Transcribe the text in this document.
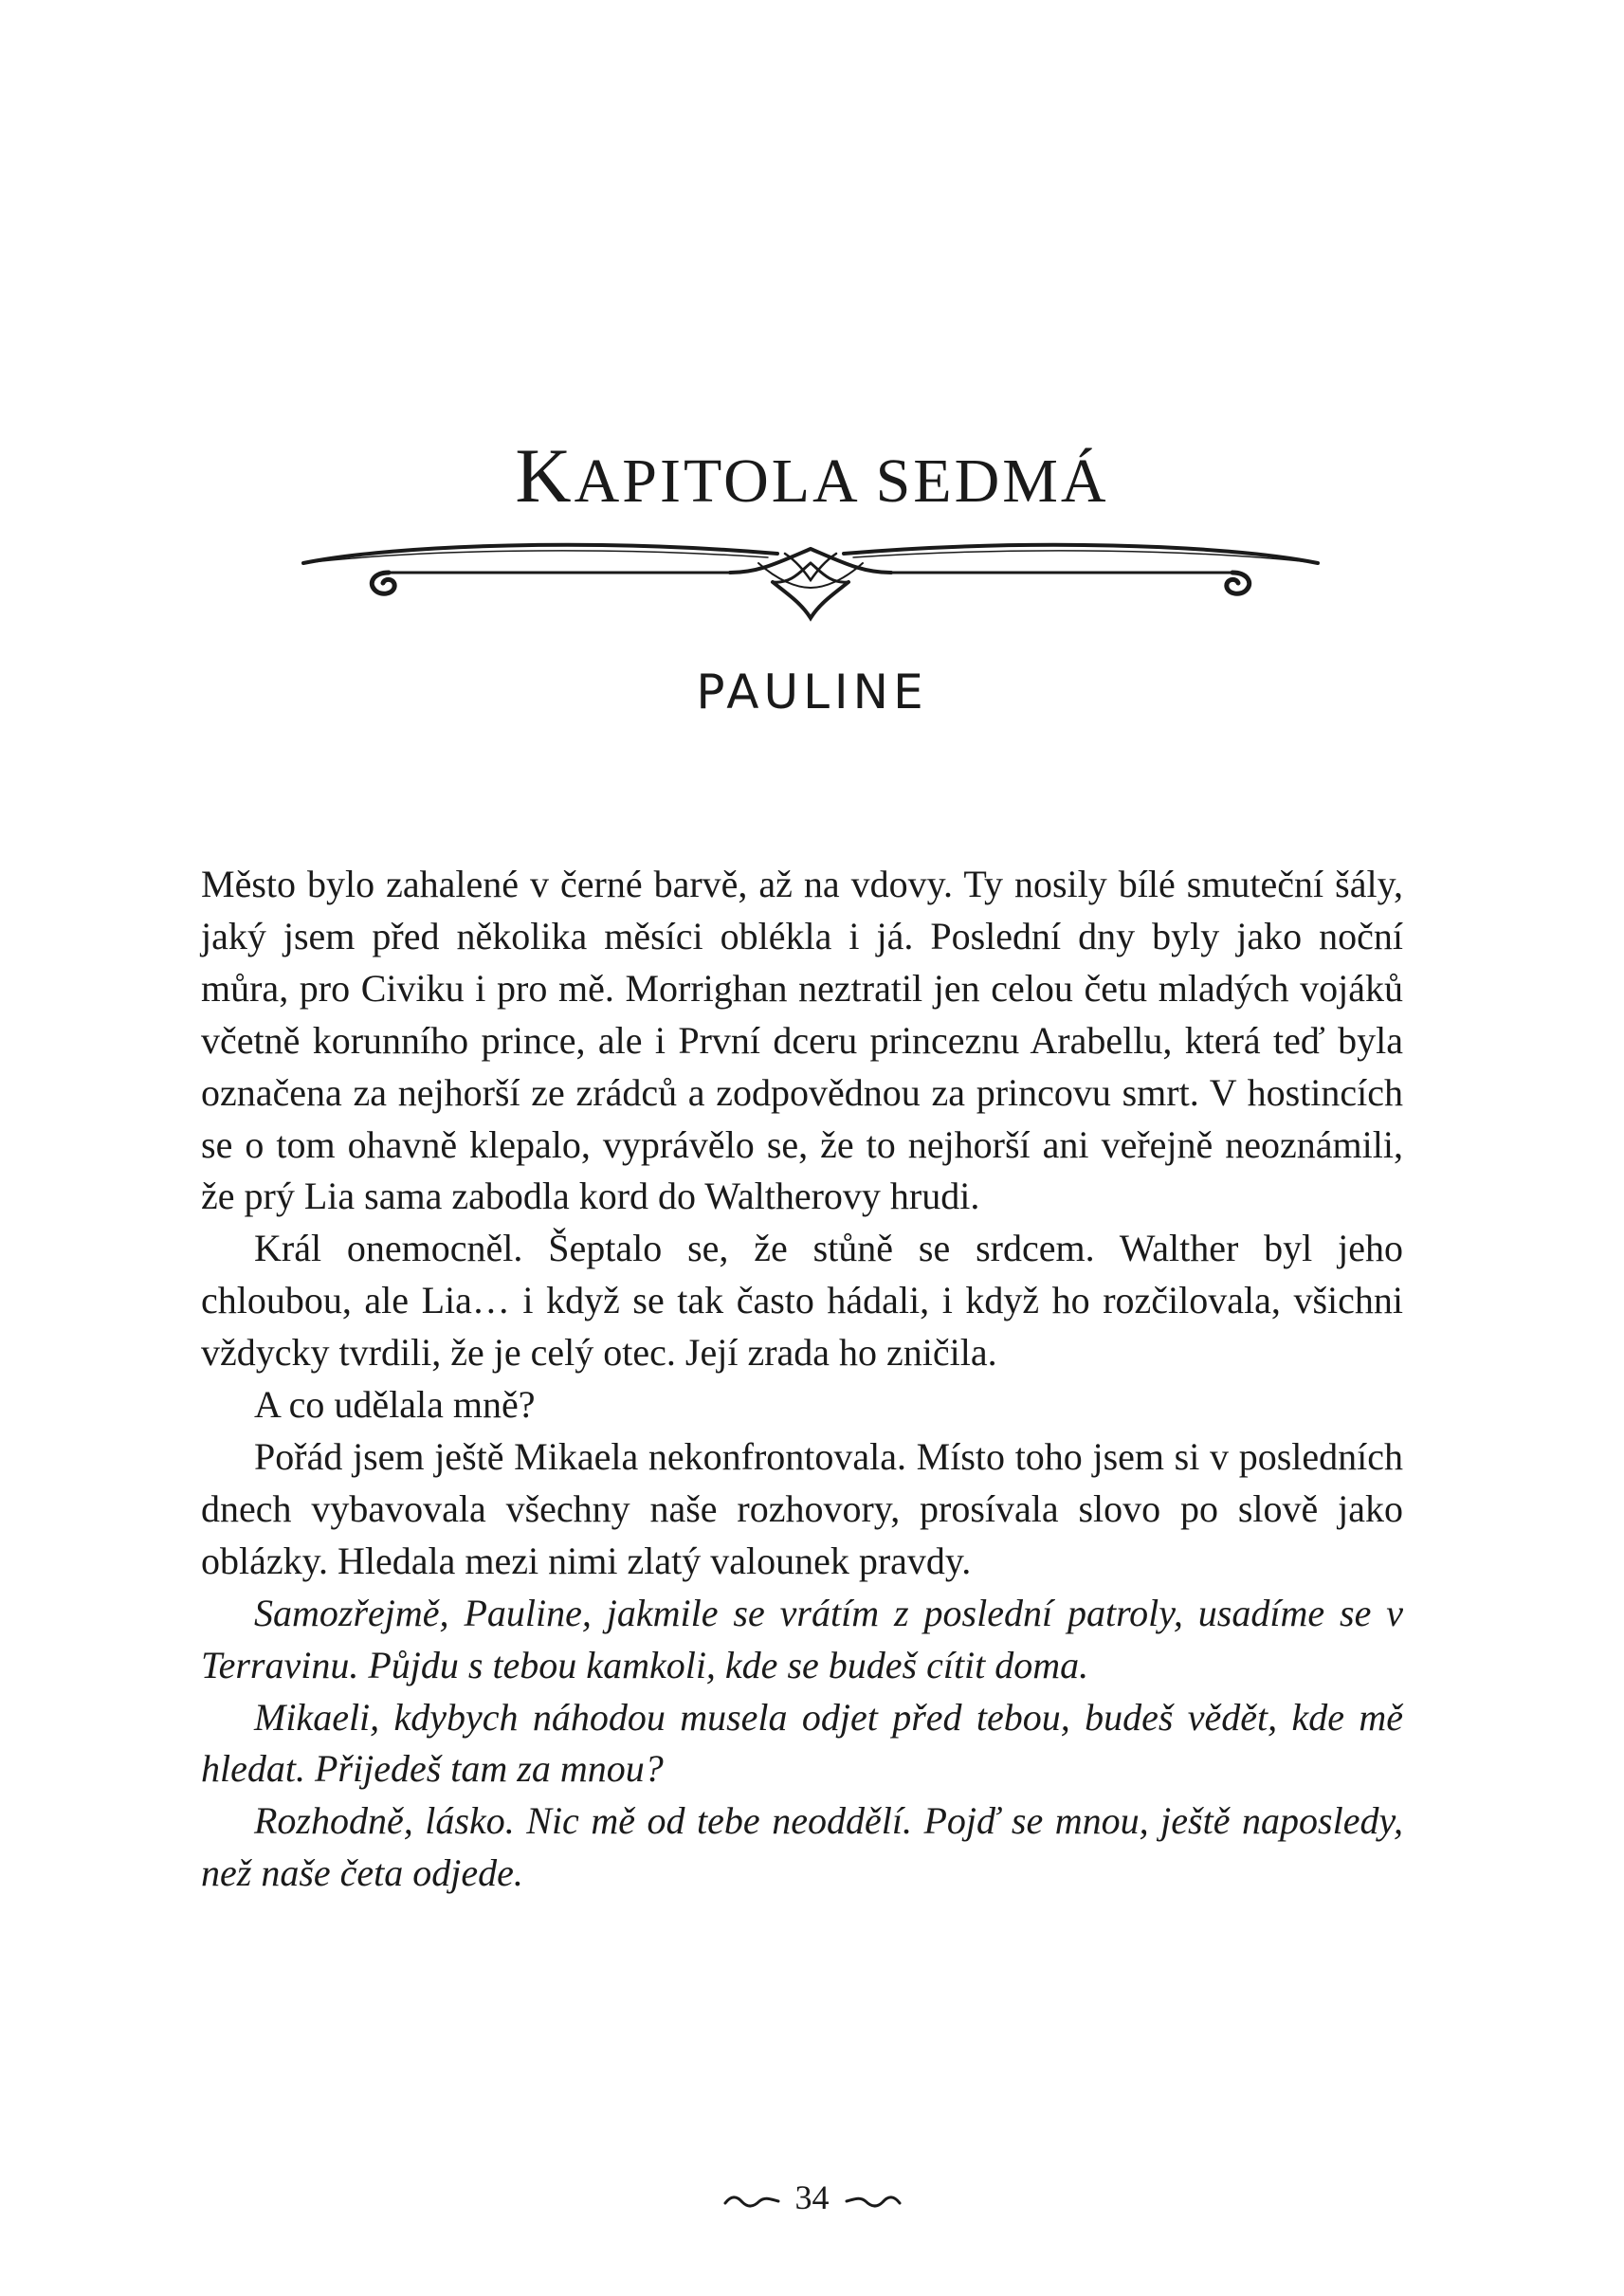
KAPITOLA SEDMÁ
PAULINE

Město bylo zahalené v černé barvě, až na vdovy. Ty nosily bílé smuteční šály, jaký jsem před několika měsíci oblékla i já. Poslední dny byly jako noční můra, pro Civiku i pro mě. Morrighan neztratil jen celou četu mladých vojáků včetně korunního prince, ale i První dceru princeznu Arabellu, která teď byla označena za nejhorší ze zrádců a zodpovědnou za princovu smrt. V hostincích se o tom ohavně klepalo, vyprávělo se, že to nejhorší ani veřejně neoznámili, že prý Lia sama zabodla kord do Waltherovy hrudi.

Král onemocněl. Šeptalo se, že stůně se srdcem. Walther byl jeho chloubou, ale Lia… i když se tak často hádali, i když ho rozčilovala, všichni vždycky tvrdili, že je celý otec. Její zrada ho zničila.

A co udělala mně?

Pořád jsem ještě Mikaela nekonfrontovala. Místo toho jsem si v posledních dnech vybavovala všechny naše rozhovory, prosívala slovo po slově jako oblázky. Hledala mezi nimi zlatý valounek pravdy.

Samozřejmě, Pauline, jakmile se vrátím z poslední patroly, usadíme se v Terravinu. Půjdu s tebou kamkoli, kde se budeš cítit doma.

Mikaeli, kdybych náhodou musela odjet před tebou, budeš vědět, kde mě hledat. Přijedeš tam za mnou?

Rozhodně, lásko. Nic mě od tebe neoddělí. Pojď se mnou, ještě naposledy, než naše četa odjede.

34
